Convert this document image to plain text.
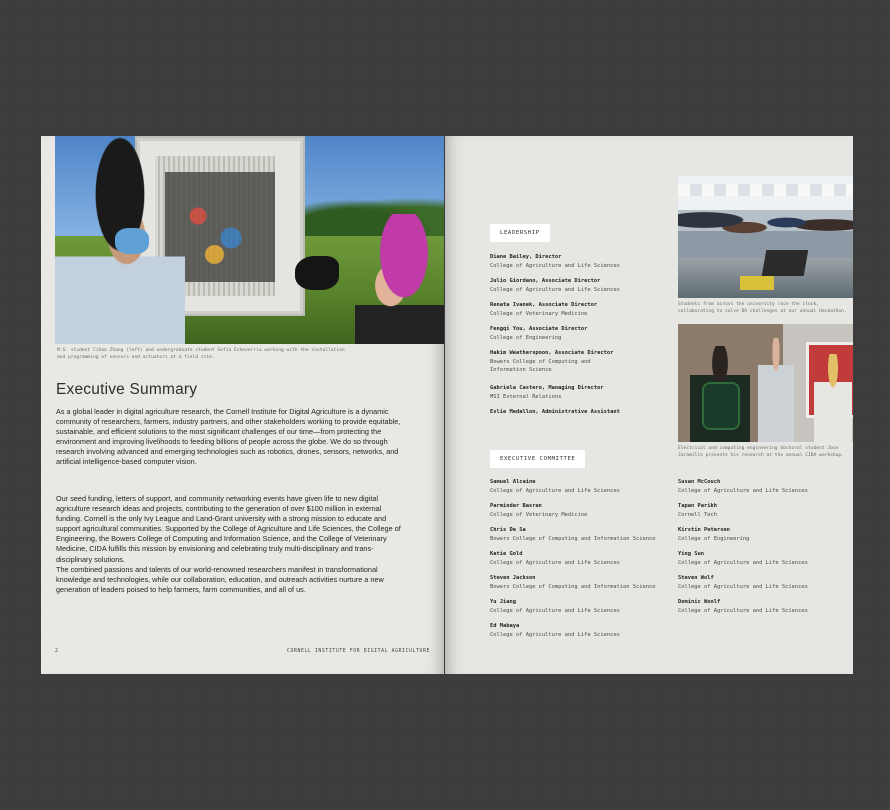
M.S. student Cihao Zhang (left) and undergraduate student Sofia Echeverria working with the installation and programming of sensors and actuators at a field site.
Executive Summary

As a global leader in digital agriculture research, the Cornell Institute for Digital Agriculture is a dynamic community of researchers, farmers, industry partners, and other stakeholders working to provide equitable, sustainable, and efficient solutions to the most significant challenges of our time—from protecting the environment and improving livelihoods to feeding billions of people across the globe. We do so through research involving advanced and emerging technologies such as robotics, drones, sensors, networks, and artificial intelligence-based computer vision.

Our seed funding, letters of support, and community networking events have given life to new digital agriculture research ideas and projects, contributing to the generation of over $100 million in external funding. Cornell is the only Ivy League and Land-Grant university with a strong mission to educate and support agricultural communities. Supported by the College of Agriculture and Life Sciences, the College of Engineering, the Bowers College of Computing and Information Science, and the College of Veterinary Medicine, CIDA fulfills this mission by envisioning and celebrating truly multi-disciplinary and trans-disciplinary solutions.
The combined passions and talents of our world-renowned researchers manifest in transformational knowledge and technologies, while our collaboration, education, and outreach activities nurture a new generation of leaders poised to help farmers, farm communities, and all of us.
2	CORNELL INSTITUTE FOR DIGITAL AGRICULTURE
LEADERSHIP
Diane Bailey, Director
College of Agriculture and Life Sciences
Julio Giordano, Associate Director
College of Agriculture and Life Sciences
Renata Ivanek, Associate Director
College of Veterinary Medicine
Fengqi You, Associate Director
College of Engineering
Hakim Weatherspoon, Associate Director
Bowers College of Computing and
Information Science
Gabriela Castero, Managing Director
MSI External Relations
Eslie Medallon, Administrative Assistant
EXECUTIVE COMMITTEE
Samuel Alcaine
College of Agriculture and Life Sciences
Parminder Basran
College of Veterinary Medicine
Chris De Sa
Bowers College of Computing and Information Science
Katie Gold
College of Agriculture and Life Sciences
Steven Jackson
Bowers College of Computing and Information Science
Yu Jiang
College of Agriculture and Life Sciences
Ed Mabaya
College of Agriculture and Life Sciences
Susan McCouch
College of Agriculture and Life Sciences
Tapan Parikh
Cornell Tech
Kirstin Petersen
College of Engineering
Ying Sun
College of Agriculture and Life Sciences
Steven Wolf
College of Agriculture and Life Sciences
Dominic Woolf
College of Agriculture and Life Sciences
Students from across the university race the clock, collaborating to solve DA challenges at our annual Hackathon.
Electrical and computing engineering doctoral student Jose Jaramillo presents his research at the annual CIDA workshop.
